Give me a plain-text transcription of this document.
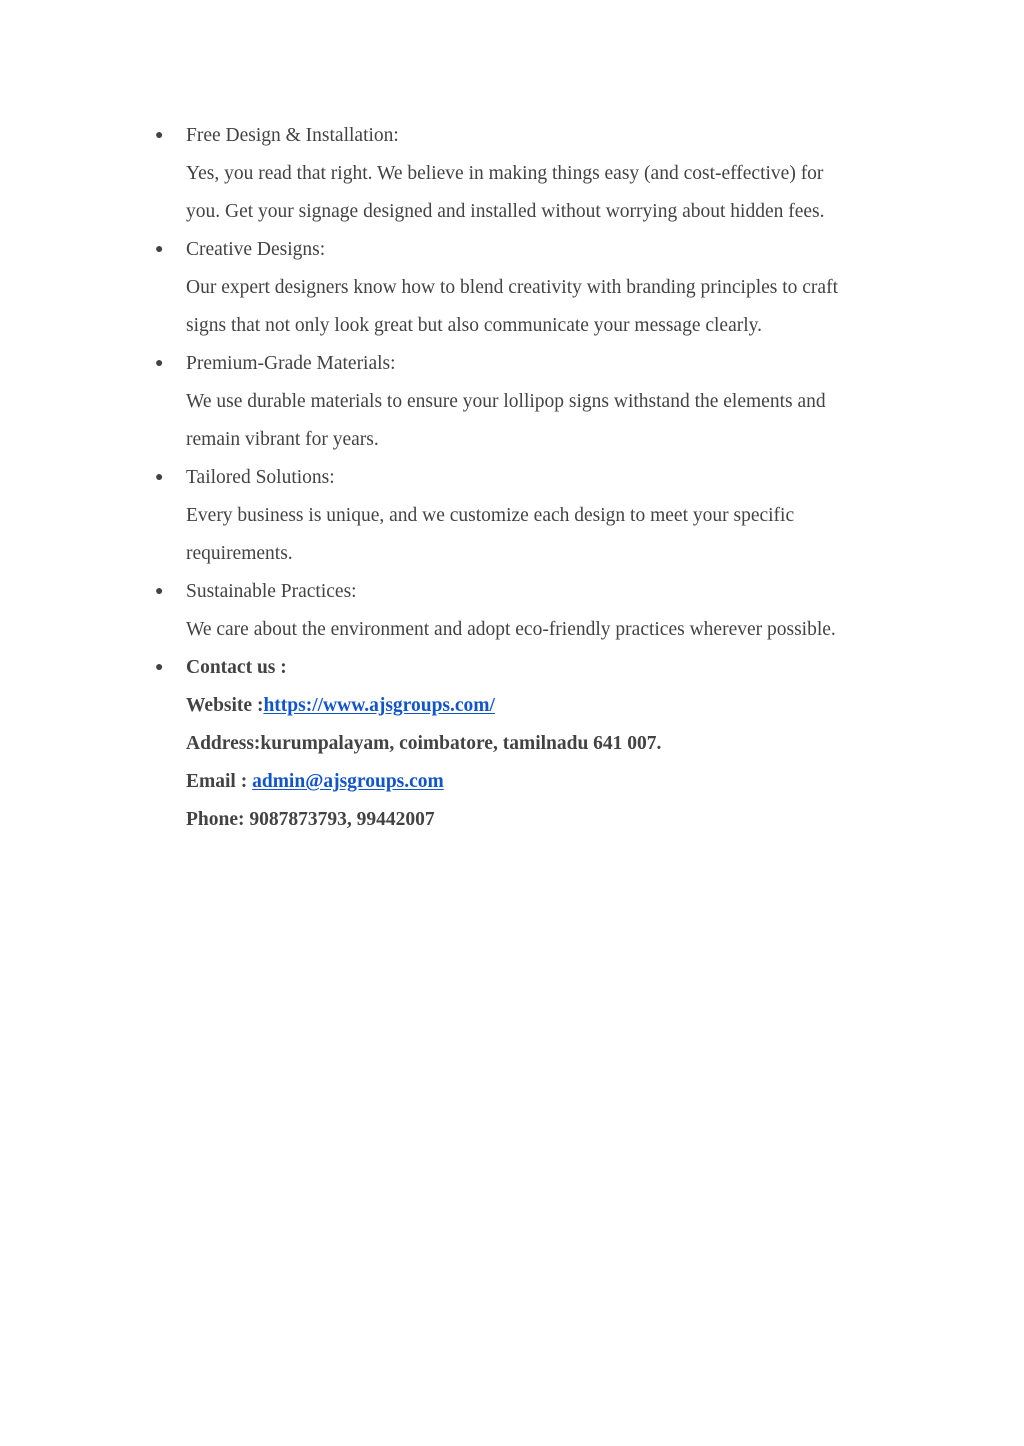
● Free Design & Installation:
Yes, you read that right. We believe in making things easy (and cost-effective) for
you. Get your signage designed and installed without worrying about hidden fees.
● Creative Designs:
Our expert designers know how to blend creativity with branding principles to craft
signs that not only look great but also communicate your message clearly.
● Premium-Grade Materials:
We use durable materials to ensure your lollipop signs withstand the elements and
remain vibrant for years.
● Tailored Solutions:
Every business is unique, and we customize each design to meet your specific
requirements.
● Sustainable Practices:
We care about the environment and adopt eco-friendly practices wherever possible.
● Contact us :
Website :https://www.ajsgroups.com/
Address:kurumpalayam, coimbatore, tamilnadu 641 007.
Email : admin@ajsgroups.com
Phone: 9087873793, 99442007
